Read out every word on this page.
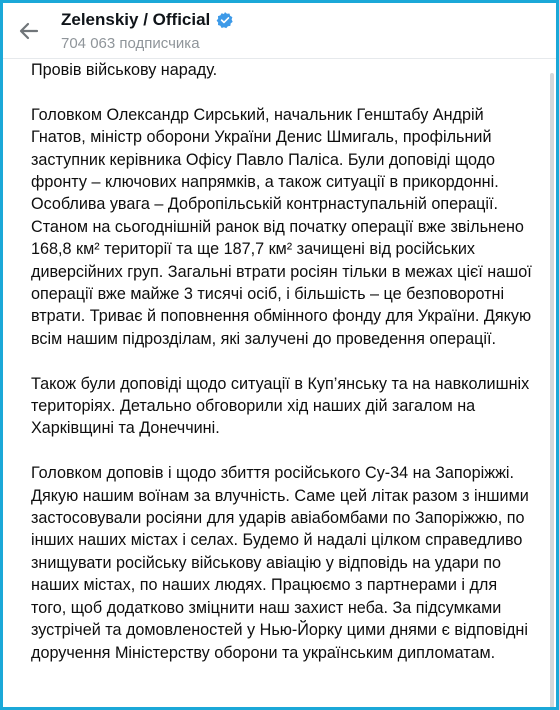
Провів військову нараду.

Головком Олександр Сирський, начальник Генштабу Андрій Гнатов, міністр оборони України Денис Шмигаль, профільний заступник керівника Офісу Павло Паліса. Були доповіді щодо фронту – ключових напрямків, а також ситуації в прикордонні. Особлива увага – Добропільській контрнаступальній операції. Станом на сьогоднішній ранок від початку операції вже звільнено 168,8 км² території та ще 187,7 км² зачищені від російських диверсійних груп. Загальні втрати росіян тільки в межах цієї нашої операції вже майже 3 тисячі осіб, і більшість – це безповоротні втрати. Триває й поповнення обмінного фонду для України. Дякую всім нашим підрозділам, які залучені до проведення операції.

Також були доповіді щодо ситуації в Куп’янську та на навколишніх територіях. Детально обговорили хід наших дій загалом на Харківщині та Донеччині.

Головком доповів і щодо збиття російського Су-34 на Запоріжжі. Дякую нашим воїнам за влучність. Саме цей літак разом з іншими застосовували росіяни для ударів авіабомбами по Запоріжжю, по інших наших містах і селах. Будемо й надалі цілком справедливо знищувати російську військову авіацію у відповідь на удари по наших містах, по наших людях. Працюємо з партнерами і для того, щоб додатково зміцнити наш захист неба. За підсумками зустрічей та домовленостей у Нью-Йорку цими днями є відповідні доручення Міністерству оборони та українським дипломатам.

Zelenskiy / Official
704 063 подписчика
